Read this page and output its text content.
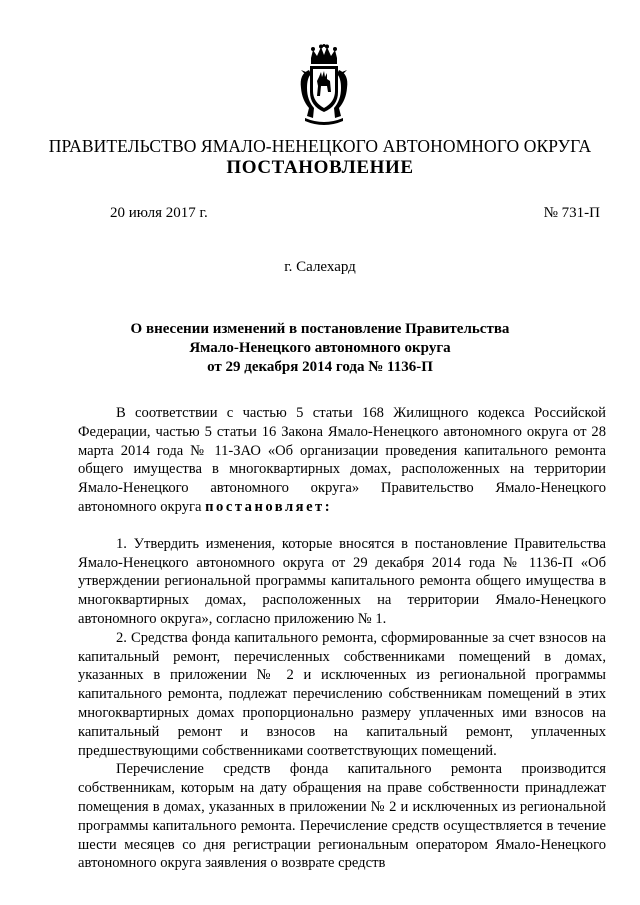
ПРАВИТЕЛЬСТВО ЯМАЛО-НЕНЕЦКОГО АВТОНОМНОГО ОКРУГА
ПОСТАНОВЛЕНИЕ
20 июля 2017 г.	№ 731-П
г. Салехард
О внесении изменений в постановление Правительства
Ямало-Ненецкого автономного округа
от 29 декабря 2014 года № 1136-П

В соответствии с частью 5 статьи 168 Жилищного кодекса Российской Федерации, частью 5 статьи 16 Закона Ямало-Ненецкого автономного округа от 28 марта 2014 года № 11-ЗАО «Об организации проведения капитального ремонта общего имущества в многоквартирных домах, расположенных на территории Ямало-Ненецкого автономного округа» Правительство Ямало-Ненецкого автономного округа постановляет:

1. Утвердить изменения, которые вносятся в постановление Правительства Ямало-Ненецкого автономного округа от 29 декабря 2014 года № 1136-П «Об утверждении региональной программы капитального ремонта общего имущества в многоквартирных домах, расположенных на территории Ямало-Ненецкого автономного округа», согласно приложению № 1.

2. Средства фонда капитального ремонта, сформированные за счет взносов на капитальный ремонт, перечисленных собственниками помещений в домах, указанных в приложении № 2 и исключенных из региональной программы капитального ремонта, подлежат перечислению собственникам помещений в этих многоквартирных домах пропорционально размеру уплаченных ими взносов на капитальный ремонт и взносов на капитальный ремонт, уплаченных предшествующими собственниками соответствующих помещений.

Перечисление средств фонда капитального ремонта производится собственникам, которым на дату обращения на праве собственности принадлежат помещения в домах, указанных в приложении № 2 и исключенных из региональной программы капитального ремонта. Перечисление средств осуществляется в течение шести месяцев со дня регистрации региональным оператором Ямало-Ненецкого автономного округа заявления о возврате средств
